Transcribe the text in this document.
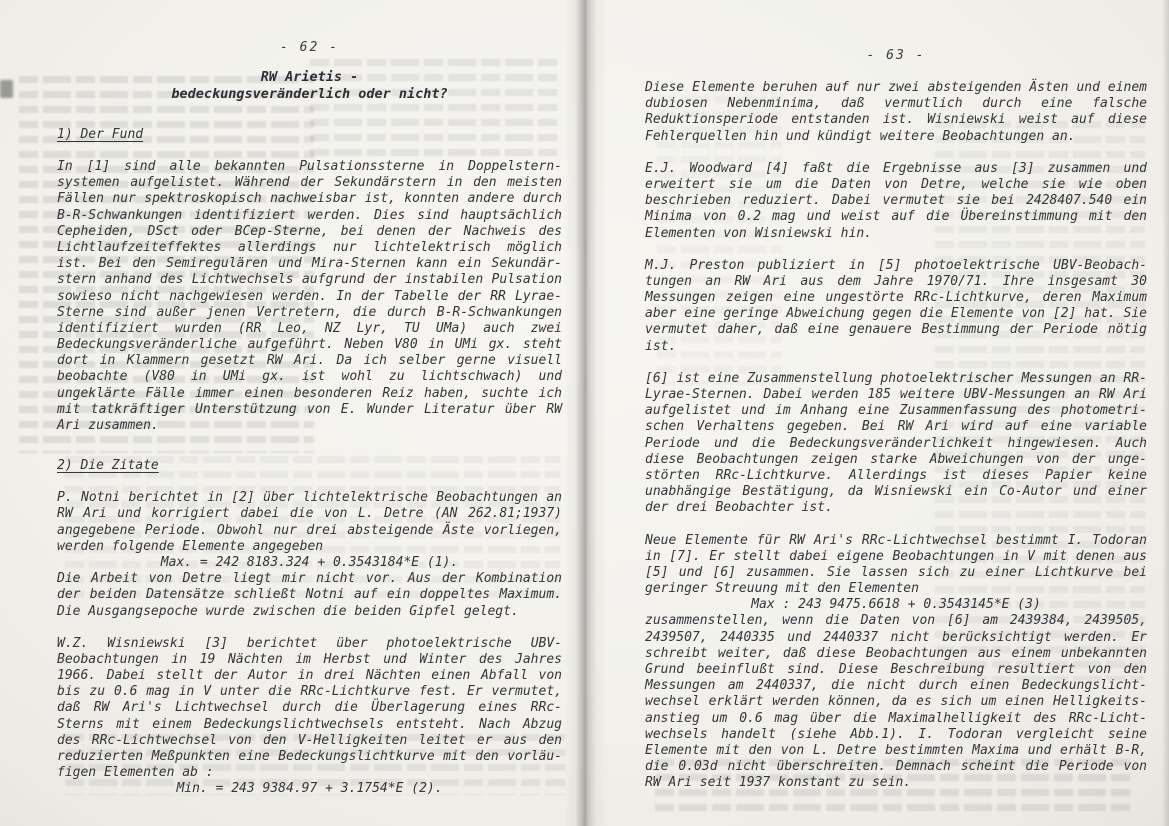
- 62 -
RW Arietis -
bedeckungsveränderlich oder nicht?
1) Der Fund
In [1] sind alle bekannten Pulsationssterne in Doppelstern-
systemen aufgelistet. Während der Sekundärstern in den meisten
Fällen nur spektroskopisch nachweisbar ist, konnten andere durch
B-R-Schwankungen identifiziert werden. Dies sind hauptsächlich
Cepheiden, DSct oder BCep-Sterne, bei denen der Nachweis des
Lichtlaufzeiteffektes allerdings nur lichtelektrisch möglich
ist. Bei den Semiregulären und Mira-Sternen kann ein Sekundär-
stern anhand des Lichtwechsels aufgrund der instabilen Pulsation
sowieso nicht nachgewiesen werden. In der Tabelle der RR Lyrae-
Sterne sind außer jenen Vertretern, die durch B-R-Schwankungen
identifiziert wurden (RR Leo, NZ Lyr, TU UMa) auch zwei
Bedeckungsveränderliche aufgeführt. Neben V80 in UMi gx. steht
dort in Klammern gesetzt RW Ari. Da ich selber gerne visuell
beobachte (V80 in UMi gx. ist wohl zu lichtschwach) und
ungeklärte Fälle immer einen besonderen Reiz haben, suchte ich
mit tatkräftiger Unterstützung von E. Wunder Literatur über RW
Ari zusammen.
2) Die Zitate
P. Notni berichtet in [2] über lichtelektrische Beobachtungen an
RW Ari und korrigiert dabei die von L. Detre (AN 262.81;1937)
angegebene Periode. Obwohl nur drei absteigende Äste vorliegen,
werden folgende Elemente angegeben
Max. = 242 8183.324 + 0.3543184*E (1).
Die Arbeit von Detre liegt mir nicht vor. Aus der Kombination
der beiden Datensätze schließt Notni auf ein doppeltes Maximum.
Die Ausgangsepoche wurde zwischen die beiden Gipfel gelegt.
W.Z. Wisniewski [3] berichtet über photoelektrische UBV-
Beobachtungen in 19 Nächten im Herbst und Winter des Jahres
1966. Dabei stellt der Autor in drei Nächten einen Abfall von
bis zu 0.6 mag in V unter die RRc-Lichtkurve fest. Er vermutet,
daß RW Ari's Lichtwechsel durch die Überlagerung eines RRc-
Sterns mit einem Bedeckungslichtwechsels entsteht. Nach Abzug
des RRc-Lichtwechsel von den V-Helligkeiten leitet er aus den
reduzierten Meßpunkten eine Bedeckungslichtkurve mit den vorläu-
figen Elementen ab :
Min. = 243 9384.97 + 3.1754*E (2).
- 63 -
Diese Elemente beruhen auf nur zwei absteigenden Ästen und einem
dubiosen Nebenminima, daß vermutlich durch eine falsche
Reduktionsperiode entstanden ist. Wisniewski weist auf diese
Fehlerquellen hin und kündigt weitere Beobachtungen an.
E.J. Woodward [4] faßt die Ergebnisse aus [3] zusammen und
erweitert sie um die Daten von Detre, welche sie wie oben
beschrieben reduziert. Dabei vermutet sie bei 2428407.540 ein
Minima von 0.2 mag und weist auf die Übereinstimmung mit den
Elementen von Wisniewski hin.
M.J. Preston publiziert in [5] photoelektrische UBV-Beobach-
tungen an RW Ari aus dem Jahre 1970/71. Ihre insgesamt 30
Messungen zeigen eine ungestörte RRc-Lichtkurve, deren Maximum
aber eine geringe Abweichung gegen die Elemente von [2] hat. Sie
vermutet daher, daß eine genauere Bestimmung der Periode nötig
ist.
[6] ist eine Zusammenstellung photoelektrischer Messungen an RR-
Lyrae-Sternen. Dabei werden 185 weitere UBV-Messungen an RW Ari
aufgelistet und im Anhang eine Zusammenfassung des photometri-
schen Verhaltens gegeben. Bei RW Ari wird auf eine variable
Periode und die Bedeckungsveränderlichkeit hingewiesen. Auch
diese Beobachtungen zeigen starke Abweichungen von der unge-
störten RRc-Lichtkurve. Allerdings ist dieses Papier keine
unabhängige Bestätigung, da Wisniewski ein Co-Autor und einer
der drei Beobachter ist.
Neue Elemente für RW Ari's RRc-Lichtwechsel bestimmt I. Todoran
in [7]. Er stellt dabei eigene Beobachtungen in V mit denen aus
[5] und [6] zusammen. Sie lassen sich zu einer Lichtkurve bei
geringer Streuung mit den Elementen
Max : 243 9475.6618 + 0.3543145*E (3)
zusammenstellen, wenn die Daten von [6] am 2439384, 2439505,
2439507, 2440335 und 2440337 nicht berücksichtigt werden. Er
schreibt weiter, daß diese Beobachtungen aus einem unbekannten
Grund beeinflußt sind. Diese Beschreibung resultiert von den
Messungen am 2440337, die nicht durch einen Bedeckungslicht-
wechsel erklärt werden können, da es sich um einen Helligkeits-
anstieg um 0.6 mag über die Maximalhelligkeit des RRc-Licht-
wechsels handelt (siehe Abb.1). I. Todoran vergleicht seine
Elemente mit den von L. Detre bestimmten Maxima und erhält B-R,
die 0.03d nicht überschreiten. Demnach scheint die Periode von
RW Ari seit 1937 konstant zu sein.
